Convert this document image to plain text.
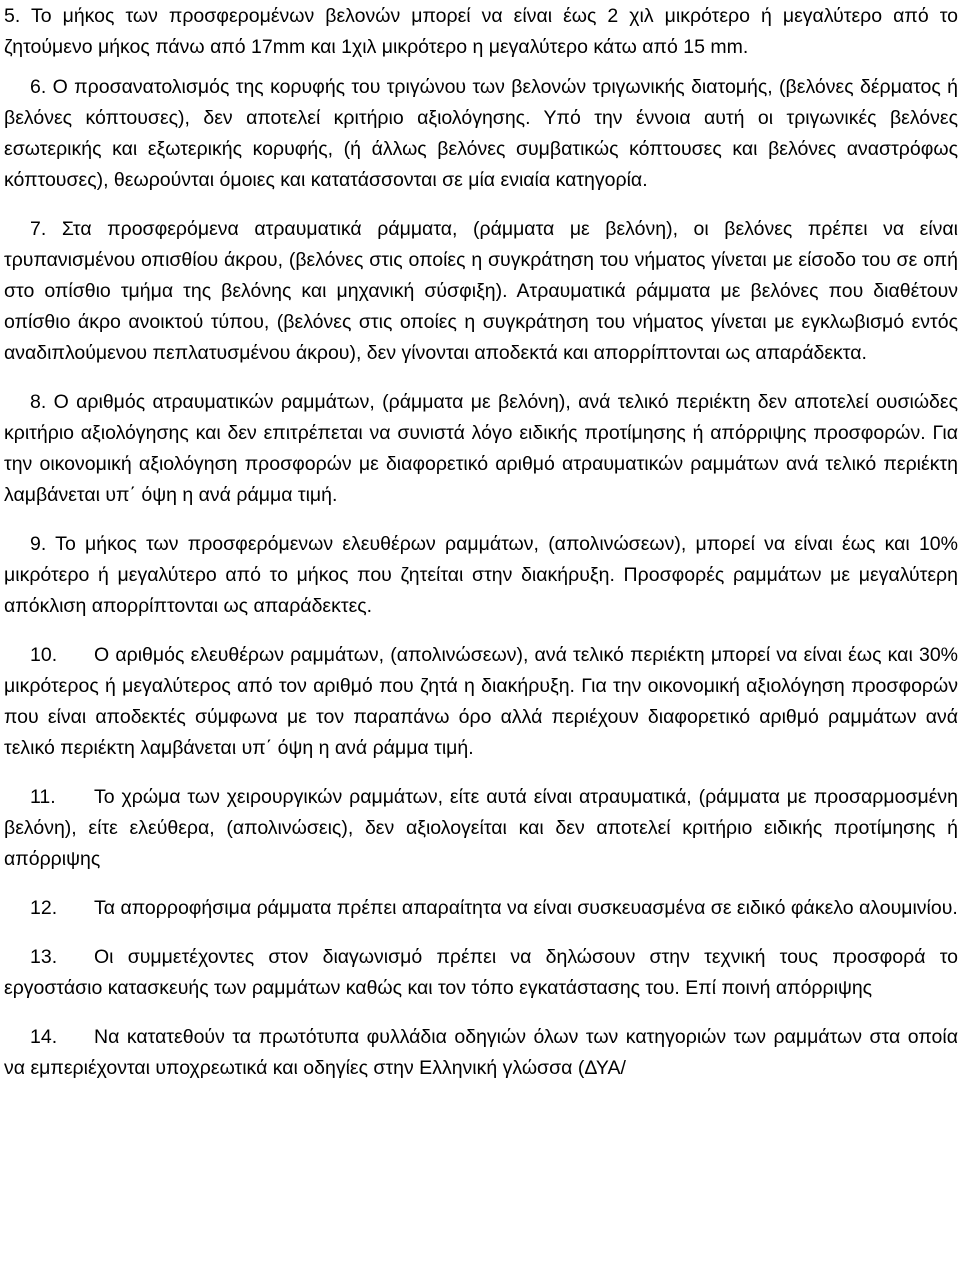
5. Το μήκος των προσφερομένων βελονών μπορεί να είναι έως 2 χιλ μικρότερο ή μεγαλύτερο από το ζητούμενο μήκος πάνω από 17mm και 1χιλ μικρότερο η μεγαλύτερο κάτω από 15 mm.

6. Ο προσανατολισμός της κορυφής του τριγώνου των βελονών τριγωνικής διατομής, (βελόνες δέρματος ή βελόνες κόπτουσες), δεν αποτελεί κριτήριο αξιολόγησης. Υπό την έννοια αυτή οι τριγωνικές βελόνες εσωτερικής και εξωτερικής κορυφής, (ή άλλως βελόνες συμβατικώς κόπτουσες και βελόνες αναστρόφως κόπτουσες), θεωρούνται όμοιες και κατατάσσονται σε μία ενιαία κατηγορία.

7. Στα προσφερόμενα ατραυματικά ράμματα, (ράμματα με βελόνη), οι βελόνες πρέπει να είναι τρυπανισμένου οπισθίου άκρου, (βελόνες στις οποίες η συγκράτηση του νήματος γίνεται με είσοδο του σε οπή στο οπίσθιο τμήμα της βελόνης και μηχανική σύσφιξη). Ατραυματικά ράμματα με βελόνες που διαθέτουν οπίσθιο άκρο ανοικτού τύπου, (βελόνες στις οποίες η συγκράτηση του νήματος γίνεται με εγκλωβισμό εντός αναδιπλούμενου πεπλατυσμένου άκρου), δεν γίνονται αποδεκτά και απορρίπτονται ως απαράδεκτα.

8. Ο αριθμός ατραυματικών ραμμάτων, (ράμματα με βελόνη), ανά τελικό περιέκτη δεν αποτελεί ουσιώδες κριτήριο αξιολόγησης και δεν επιτρέπεται να συνιστά λόγο ειδικής προτίμησης ή απόρριψης προσφορών. Για την οικονομική αξιολόγηση προσφορών με διαφορετικό αριθμό ατραυματικών ραμμάτων ανά τελικό περιέκτη λαμβάνεται υπ΄ όψη η ανά ράμμα τιμή.

9. Το μήκος των προσφερόμενων ελευθέρων ραμμάτων, (απολινώσεων), μπορεί να είναι έως και 10% μικρότερο ή μεγαλύτερο από το μήκος που ζητείται στην διακήρυξη. Προσφορές ραμμάτων με μεγαλύτερη απόκλιση απορρίπτονται ως απαράδεκτες.

10. Ο αριθμός ελευθέρων ραμμάτων, (απολινώσεων), ανά τελικό περιέκτη μπορεί να είναι έως και 30% μικρότερος ή μεγαλύτερος από τον αριθμό που ζητά η διακήρυξη. Για την οικονομική αξιολόγηση προσφορών που είναι αποδεκτές σύμφωνα με τον παραπάνω όρο αλλά περιέχουν διαφορετικό αριθμό ραμμάτων ανά τελικό περιέκτη λαμβάνεται υπ΄ όψη η ανά ράμμα τιμή.

11. Το χρώμα των χειρουργικών ραμμάτων, είτε αυτά είναι ατραυματικά, (ράμματα με προσαρμοσμένη βελόνη), είτε ελεύθερα, (απολινώσεις), δεν αξιολογείται και δεν αποτελεί κριτήριο ειδικής προτίμησης ή απόρριψης

12. Τα απορροφήσιμα ράμματα πρέπει απαραίτητα να είναι συσκευασμένα σε ειδικό φάκελο αλουμινίου.

13. Οι συμμετέχοντες στον διαγωνισμό πρέπει να δηλώσουν στην τεχνική τους προσφορά το εργοστάσιο κατασκευής των ραμμάτων καθώς και τον τόπο εγκατάστασης του. Επί ποινή απόρριψης

14. Να κατατεθούν τα πρωτότυπα φυλλάδια οδηγιών όλων των κατηγοριών των ραμμάτων στα οποία να εμπεριέχονται υποχρεωτικά και οδηγίες στην Ελληνική γλώσσα (ΔΥΑ/
